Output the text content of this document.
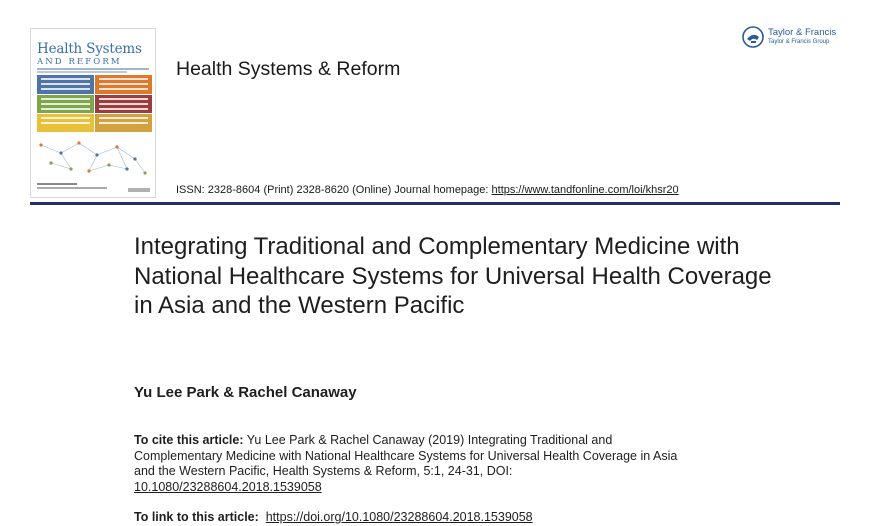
Health Systems
AND REFORM	Health Systems & Reform
Taylor & Francis
Taylor & Francis Group
ISSN: 2328-8604 (Print) 2328-8620 (Online) Journal homepage: https://www.tandfonline.com/loi/khsr20
Integrating Traditional and Complementary Medicine with National Healthcare Systems for Universal Health Coverage in Asia and the Western Pacific
Yu Lee Park & Rachel Canaway

To cite this article: Yu Lee Park & Rachel Canaway (2019) Integrating Traditional and Complementary Medicine with National Healthcare Systems for Universal Health Coverage in Asia and the Western Pacific, Health Systems & Reform, 5:1, 24-31, DOI: 10.1080/23288604.2018.1539058

To link to this article: https://doi.org/10.1080/23288604.2018.1539058
